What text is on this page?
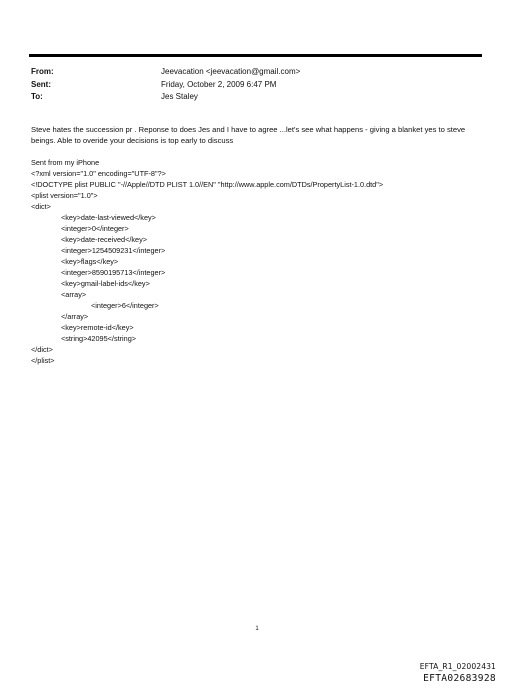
From:	Jeevacation <jeevacation@gmail.com>
Sent:	Friday, October 2, 2009 6:47 PM
To:	Jes Staley
Steve hates the succession pr . Reponse to does Jes and I have to agree ...let's see what happens - giving a blanket yes to steve beings. Able to overide your decisions is top early to discuss
Sent from my iPhone
<?xml version="1.0" encoding="UTF-8"?>
<!DOCTYPE plist PUBLIC "-//Apple//DTD PLIST 1.0//EN" "http://www.apple.com/DTDs/PropertyList-1.0.dtd">
<plist version="1.0">
<dict>
<key>date-last-viewed</key>
<integer>0</integer>
<key>date-received</key>
<integer>1254509231</integer>
<key>flags</key>
<integer>8590195713</integer>
<key>gmail-label-ids</key>
<array>
<integer>6</integer>
</array>
<key>remote-id</key>
<string>42095</string>
</dict>
</plist>
1
EFTA_R1_02002431
EFTA02683928
